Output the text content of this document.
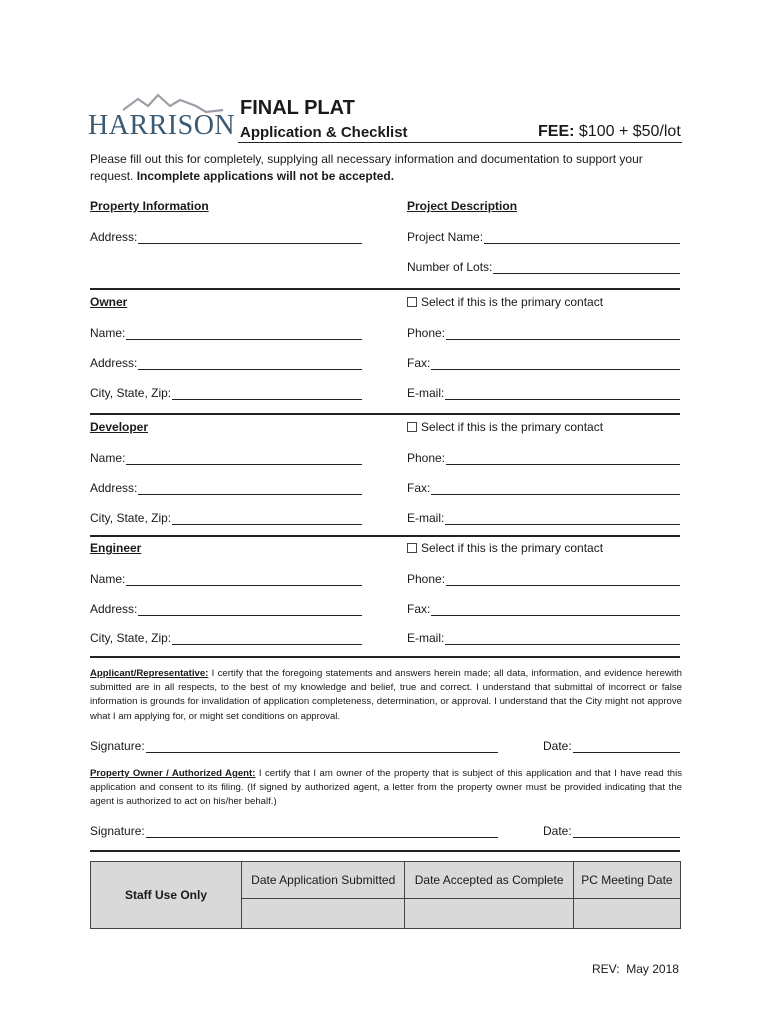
HARRISON
FINAL PLAT
Application & Checklist	FEE: $100 + $50/lot
Please fill out this for completely, supplying all necessary information and documentation to support your request. Incomplete applications will not be accepted.
Property Information	Project Description
Address:	Project Name:
Number of Lots:
Owner	Select if this is the primary contact
Name:	Phone:
Address:	Fax:
City, State, Zip:	E-mail:
Developer	Select if this is the primary contact
Name:	Phone:
Address:	Fax:
City, State, Zip:	E-mail:
Engineer	Select if this is the primary contact
Name:	Phone:
Address:	Fax:
City, State, Zip:	E-mail:
Applicant/Representative: I certify that the foregoing statements and answers herein made; all data, information, and evidence herewith submitted are in all respects, to the best of my knowledge and belief, true and correct. I understand that submittal of incorrect or false information is grounds for invalidation of application completeness, determination, or approval. I understand that the City might not approve what I am applying for, or might set conditions on approval.
Signature:	Date:
Property Owner / Authorized Agent: I certify that I am owner of the property that is subject of this application and that I have read this application and consent to its filing. (If signed by authorized agent, a letter from the property owner must be provided indicating that the agent is authorized to act on his/her behalf.)
Signature:	Date:
Staff Use Only	Date Application Submitted	Date Accepted as Complete	PC Meeting Date

REV:  May 2018
